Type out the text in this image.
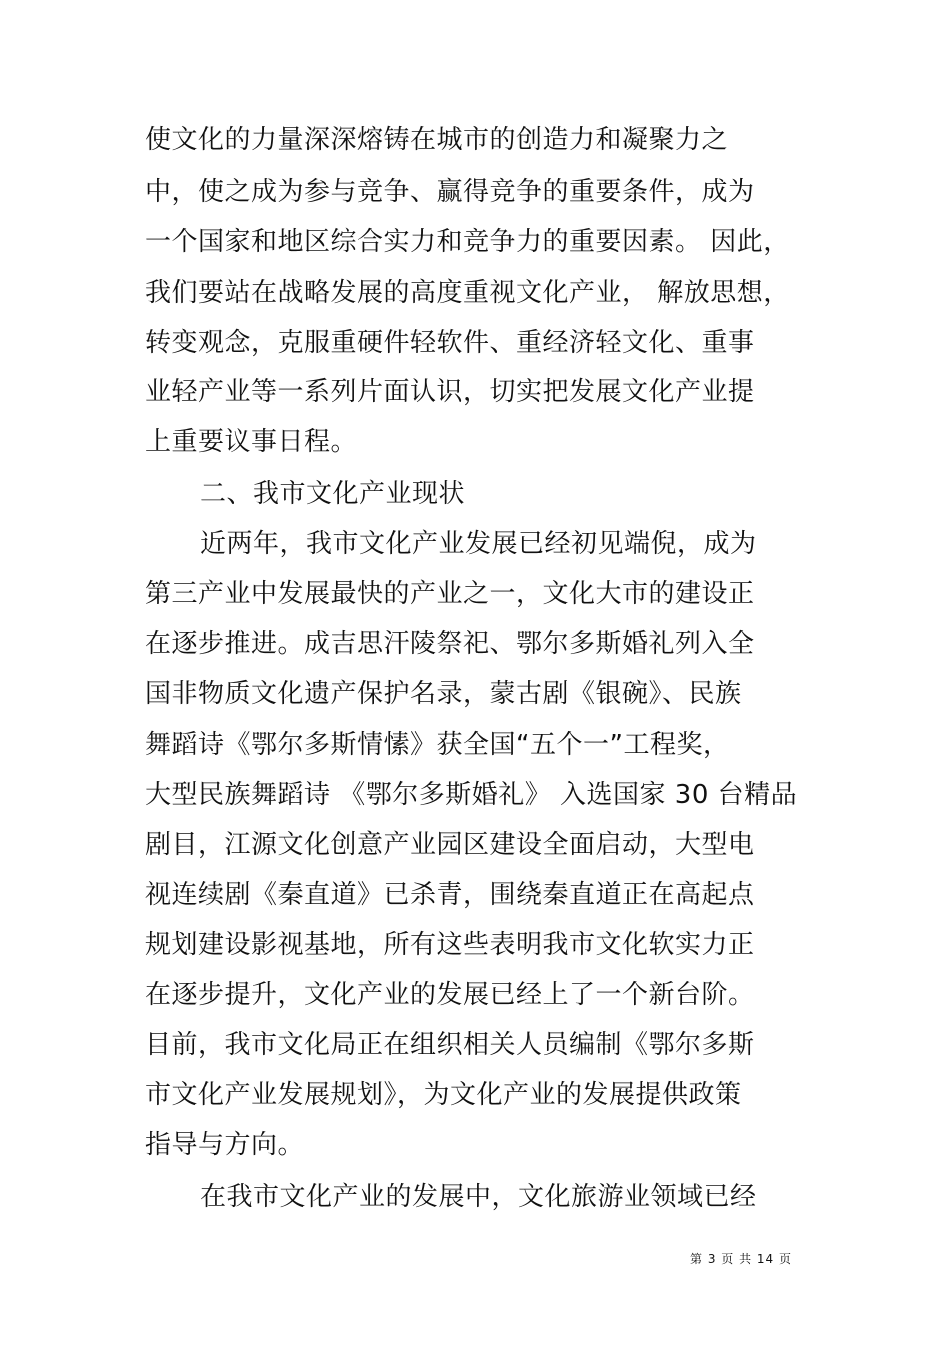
使文化的力量深深熔铸在城市的创造力和凝聚力之
中，使之成为参与竞争、赢得竞争的重要条件，成为
一个国家和地区综合实力和竞争力的重要因素。 因此，
我们要站在战略发展的高度重视文化产业， 解放思想，
转变观念，克服重硬件轻软件、重经济轻文化、重事
业轻产业等一系列片面认识，切实把发展文化产业提
上重要议事日程。
二、我市文化产业现状
近两年，我市文化产业发展已经初见端倪，成为
第三产业中发展最快的产业之一，文化大市的建设正
在逐步推进。成吉思汗陵祭祀、鄂尔多斯婚礼列入全
国非物质文化遗产保护名录，蒙古剧《银碗》、民族
舞蹈诗《鄂尔多斯情愫》获全国“五个一”工程奖，
大型民族舞蹈诗 《鄂尔多斯婚礼》 入选国家 30 台精品
剧目，江源文化创意产业园区建设全面启动，大型电
视连续剧《秦直道》已杀青，围绕秦直道正在高起点
规划建设影视基地，所有这些表明我市文化软实力正
在逐步提升，文化产业的发展已经上了一个新台阶。
目前，我市文化局正在组织相关人员编制《鄂尔多斯
市文化产业发展规划》，为文化产业的发展提供政策
指导与方向。
在我市文化产业的发展中，文化旅游业领域已经
第 3 页 共 14 页
